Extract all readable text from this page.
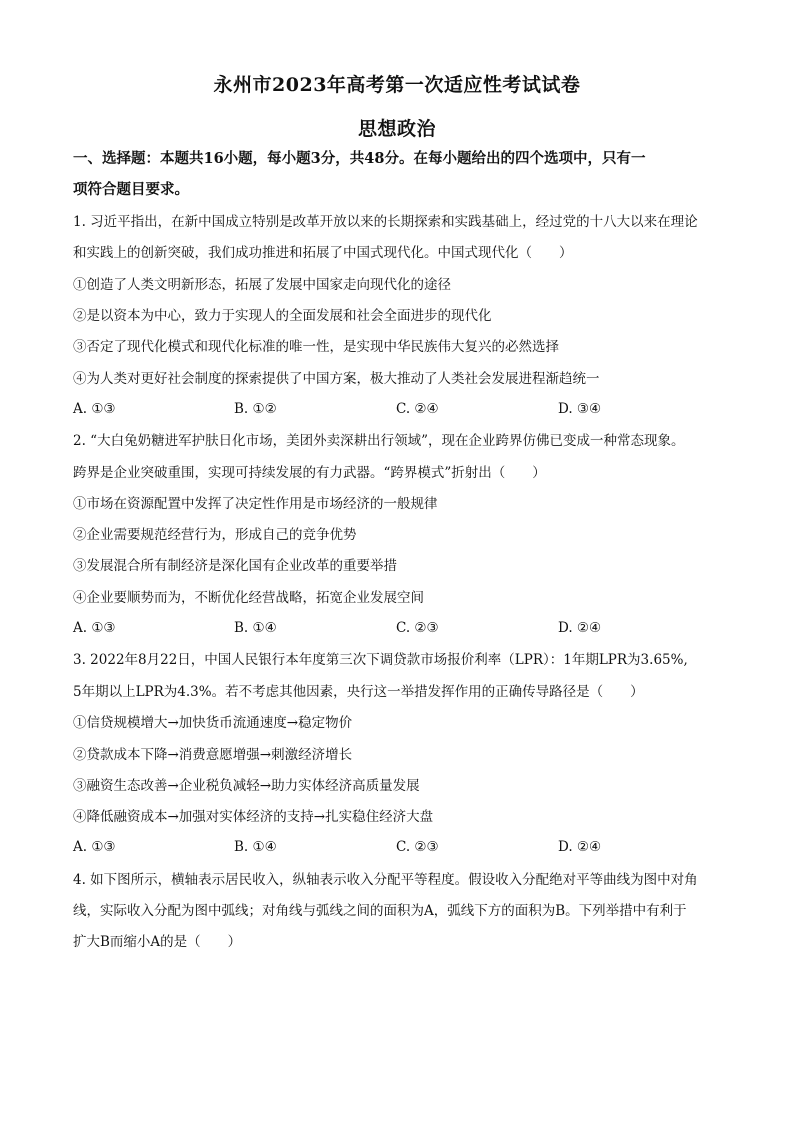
永州市2023年高考第一次适应性考试试卷
思想政治
一、选择题：本题共16小题，每小题3分，共48分。在每小题给出的四个选项中，只有一
项符合题目要求。
1. 习近平指出，在新中国成立特别是改革开放以来的长期探索和实践基础上，经过党的十八大以来在理论
和实践上的创新突破，我们成功推进和拓展了中国式现代化。中国式现代化（　　）
①创造了人类文明新形态，拓展了发展中国家走向现代化的途径
②是以资本为中心，致力于实现人的全面发展和社会全面进步的现代化
③否定了现代化模式和现代化标准的唯一性，是实现中华民族伟大复兴的必然选择
④为人类对更好社会制度的探索提供了中国方案，极大推动了人类社会发展进程渐趋统一
A. ①③	B. ①②	C. ②④	D. ③④
2. “大白兔奶糖进军护肤日化市场，美团外卖深耕出行领域”，现在企业跨界仿佛已变成一种常态现象。
跨界是企业突破重围，实现可持续发展的有力武器。“跨界模式”折射出（　　）
①市场在资源配置中发挥了决定性作用是市场经济的一般规律
②企业需要规范经营行为，形成自己的竞争优势
③发展混合所有制经济是深化国有企业改革的重要举措
④企业要顺势而为，不断优化经营战略，拓宽企业发展空间
A. ①③	B. ①④	C. ②③	D. ②④
3. 2022年8月22日，中国人民银行本年度第三次下调贷款市场报价利率（LPR）：1年期LPR为3.65%,
5年期以上LPR为4.3%。若不考虑其他因素，央行这一举措发挥作用的正确传导路径是（　　）
①信贷规模增大→加快货币流通速度→稳定物价
②贷款成本下降→消费意愿增强→刺激经济增长
③融资生态改善→企业税负减轻→助力实体经济高质量发展
④降低融资成本→加强对实体经济的支持→扎实稳住经济大盘
A. ①③	B. ①④	C. ②③	D. ②④
4. 如下图所示，横轴表示居民收入，纵轴表示收入分配平等程度。假设收入分配绝对平等曲线为图中对角
线，实际收入分配为图中弧线；对角线与弧线之间的面积为A，弧线下方的面积为B。下列举措中有利于
扩大B而缩小A的是（　　）
